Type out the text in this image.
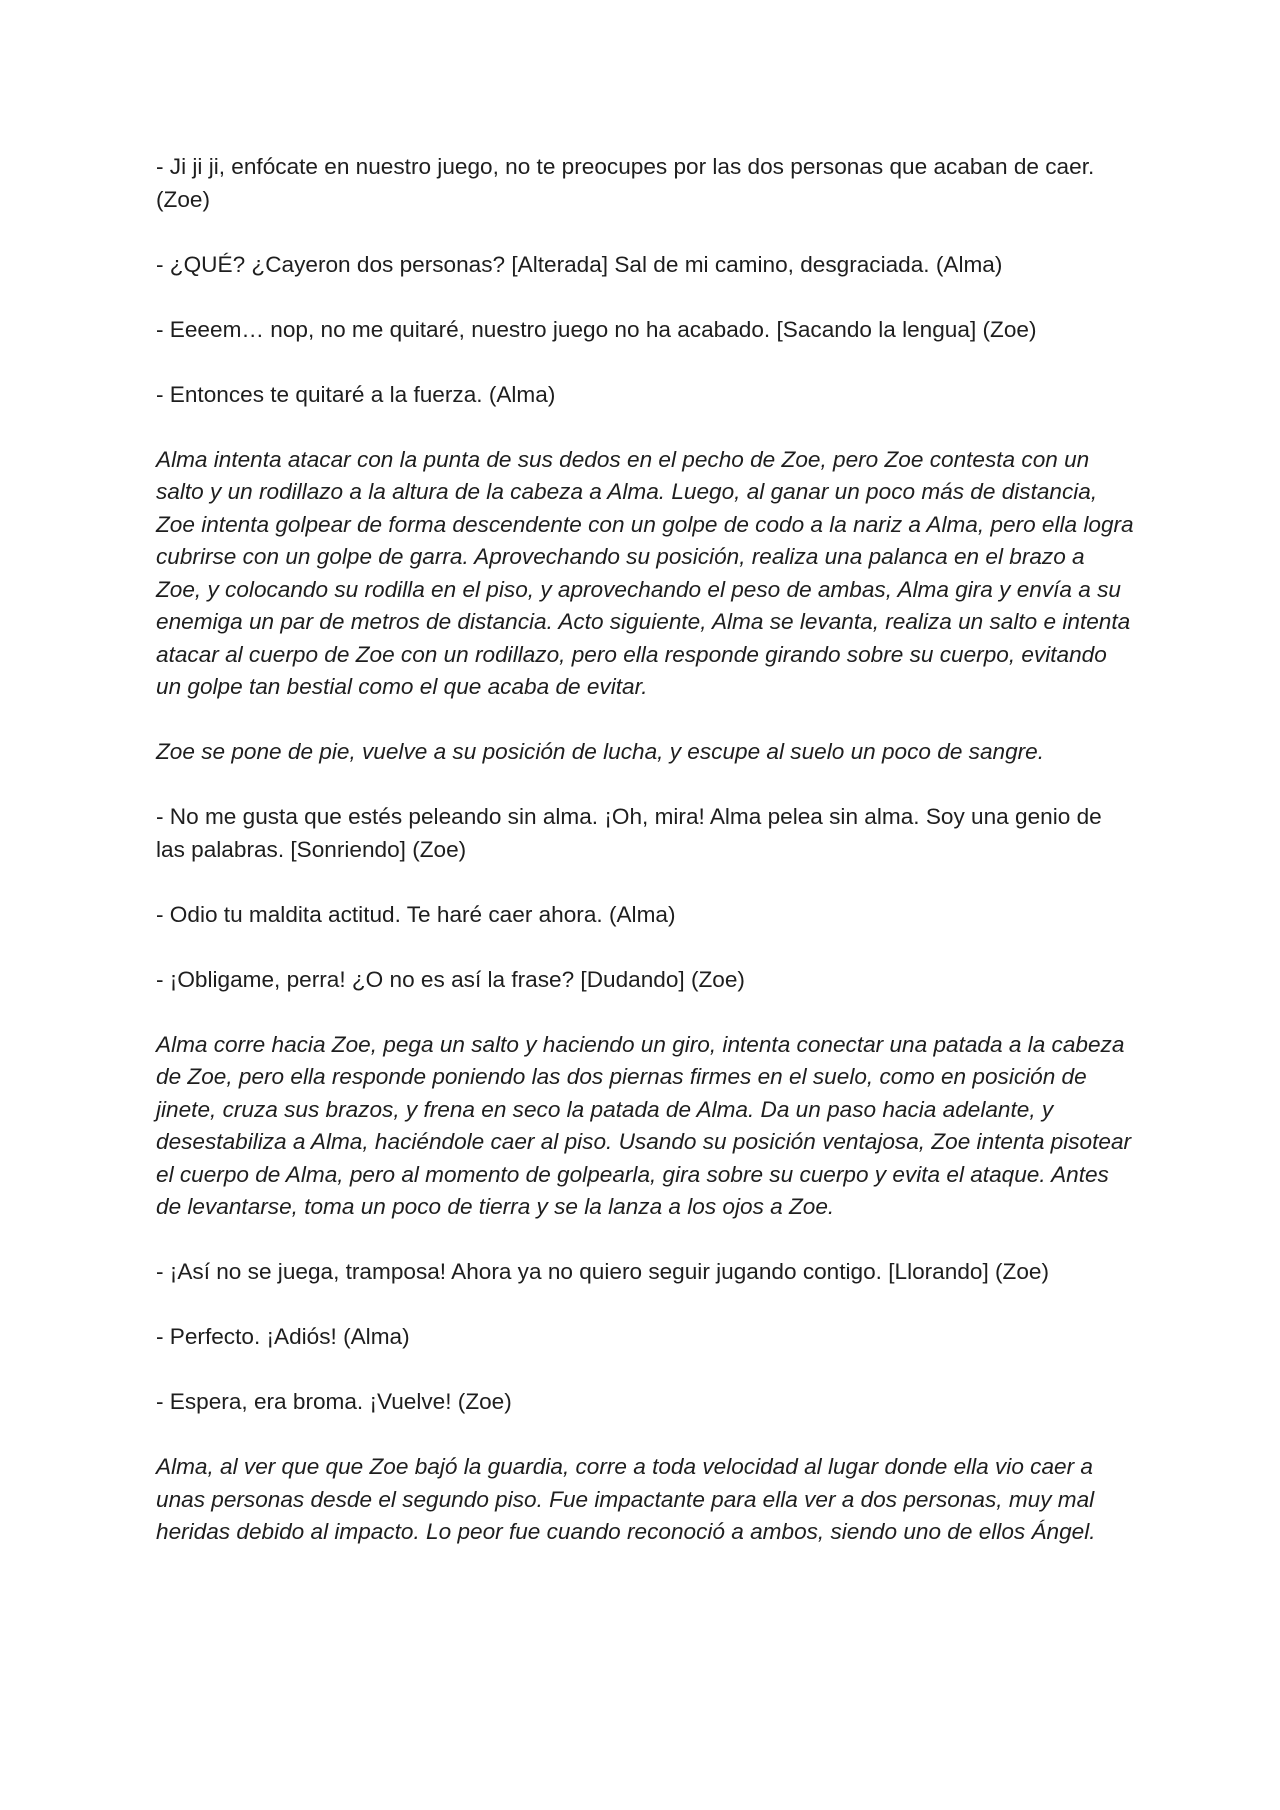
- Ji ji ji, enfócate en nuestro juego, no te preocupes por las dos personas que acaban de caer. (Zoe)

- ¿QUÉ? ¿Cayeron dos personas? [Alterada] Sal de mi camino, desgraciada. (Alma)

- Eeeem… nop, no me quitaré, nuestro juego no ha acabado. [Sacando la lengua] (Zoe)

- Entonces te quitaré a la fuerza. (Alma)

Alma intenta atacar con la punta de sus dedos en el pecho de Zoe, pero Zoe contesta con un salto y un rodillazo a la altura de la cabeza a Alma. Luego, al ganar un poco más de distancia, Zoe intenta golpear de forma descendente con un golpe de codo a la nariz a Alma, pero ella logra cubrirse con un golpe de garra. Aprovechando su posición, realiza una palanca en el brazo a Zoe, y colocando su rodilla en el piso, y aprovechando el peso de ambas, Alma gira y envía a su enemiga un par de metros de distancia. Acto siguiente, Alma se levanta, realiza un salto e intenta atacar al cuerpo de Zoe con un rodillazo, pero ella responde girando sobre su cuerpo, evitando un golpe tan bestial como el que acaba de evitar.

Zoe se pone de pie, vuelve a su posición de lucha, y escupe al suelo un poco de sangre.

- No me gusta que estés peleando sin alma. ¡Oh, mira! Alma pelea sin alma. Soy una genio de las palabras. [Sonriendo] (Zoe)

- Odio tu maldita actitud. Te haré caer ahora. (Alma)

- ¡Obligame, perra! ¿O no es así la frase? [Dudando] (Zoe)

Alma corre hacia Zoe, pega un salto y haciendo un giro, intenta conectar una patada a la cabeza de Zoe, pero ella responde poniendo las dos piernas firmes en el suelo, como en posición de jinete, cruza sus brazos, y frena en seco la patada de Alma. Da un paso hacia adelante, y desestabiliza a Alma, haciéndole caer al piso. Usando su posición ventajosa, Zoe intenta pisotear el cuerpo de Alma, pero al momento de golpearla, gira sobre su cuerpo y evita el ataque. Antes de levantarse, toma un poco de tierra y se la lanza a los ojos a Zoe.

- ¡Así no se juega, tramposa! Ahora ya no quiero seguir jugando contigo. [Llorando] (Zoe)

- Perfecto. ¡Adiós! (Alma)

- Espera, era broma. ¡Vuelve! (Zoe)

Alma, al ver que que Zoe bajó la guardia, corre a toda velocidad al lugar donde ella vio caer a unas personas desde el segundo piso. Fue impactante para ella ver a dos personas, muy mal heridas debido al impacto. Lo peor fue cuando reconoció a ambos, siendo uno de ellos Ángel.
